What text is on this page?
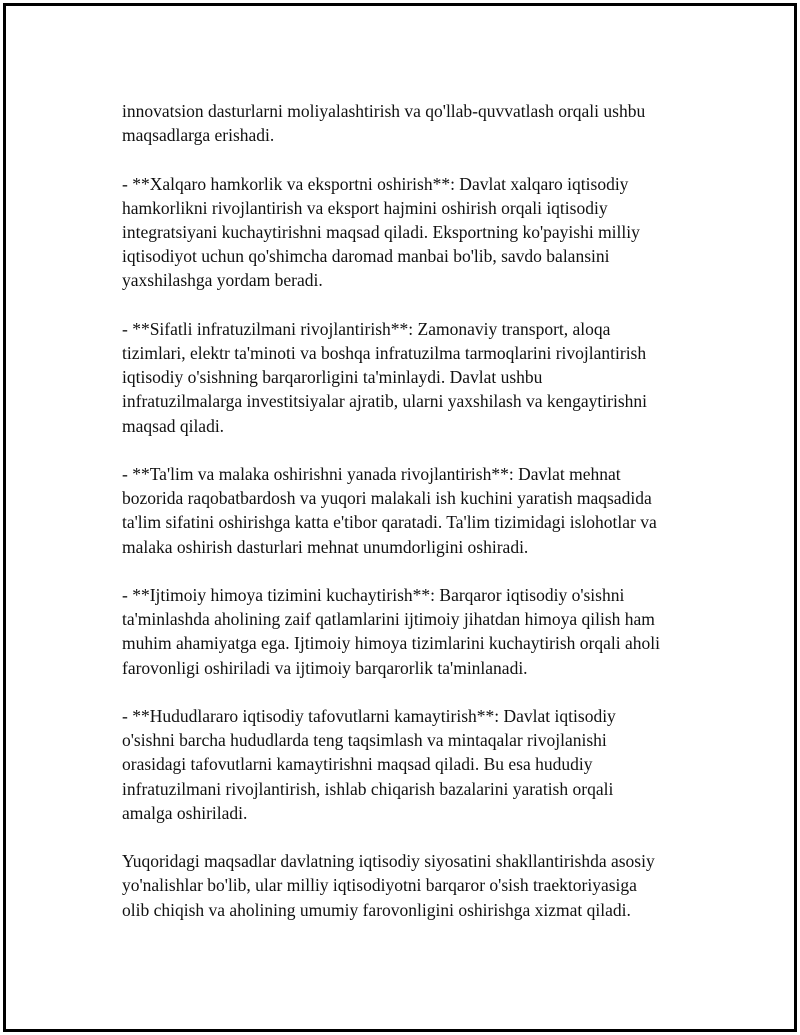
innovatsion dasturlarni moliyalashtirish va qo'llab-quvvatlash orqali ushbu
maqsadlarga erishadi.

- **Xalqaro hamkorlik va eksportni oshirish**: Davlat xalqaro iqtisodiy
hamkorlikni rivojlantirish va eksport hajmini oshirish orqali iqtisodiy
integratsiyani kuchaytirishni maqsad qiladi. Eksportning ko'payishi milliy
iqtisodiyot uchun qo'shimcha daromad manbai bo'lib, savdo balansini
yaxshilashga yordam beradi.

- **Sifatli infratuzilmani rivojlantirish**: Zamonaviy transport, aloqa
tizimlari, elektr ta'minoti va boshqa infratuzilma tarmoqlarini rivojlantirish
iqtisodiy o'sishning barqarorligini ta'minlaydi. Davlat ushbu
infratuzilmalarga investitsiyalar ajratib, ularni yaxshilash va kengaytirishni
maqsad qiladi.

- **Ta'lim va malaka oshirishni yanada rivojlantirish**: Davlat mehnat
bozorida raqobatbardosh va yuqori malakali ish kuchini yaratish maqsadida
ta'lim sifatini oshirishga katta e'tibor qaratadi. Ta'lim tizimidagi islohotlar va
malaka oshirish dasturlari mehnat unumdorligini oshiradi.

- **Ijtimoiy himoya tizimini kuchaytirish**: Barqaror iqtisodiy o'sishni
ta'minlashda aholining zaif qatlamlarini ijtimoiy jihatdan himoya qilish ham
muhim ahamiyatga ega. Ijtimoiy himoya tizimlarini kuchaytirish orqali aholi
farovonligi oshiriladi va ijtimoiy barqarorlik ta'minlanadi.

- **Hududlararo iqtisodiy tafovutlarni kamaytirish**: Davlat iqtisodiy
o'sishni barcha hududlarda teng taqsimlash va mintaqalar rivojlanishi
orasidagi tafovutlarni kamaytirishni maqsad qiladi. Bu esa hududiy
infratuzilmani rivojlantirish, ishlab chiqarish bazalarini yaratish orqali
amalga oshiriladi.

Yuqoridagi maqsadlar davlatning iqtisodiy siyosatini shakllantirishda asosiy
yo'nalishlar bo'lib, ular milliy iqtisodiyotni barqaror o'sish traektoriyasiga
olib chiqish va aholining umumiy farovonligini oshirishga xizmat qiladi.
